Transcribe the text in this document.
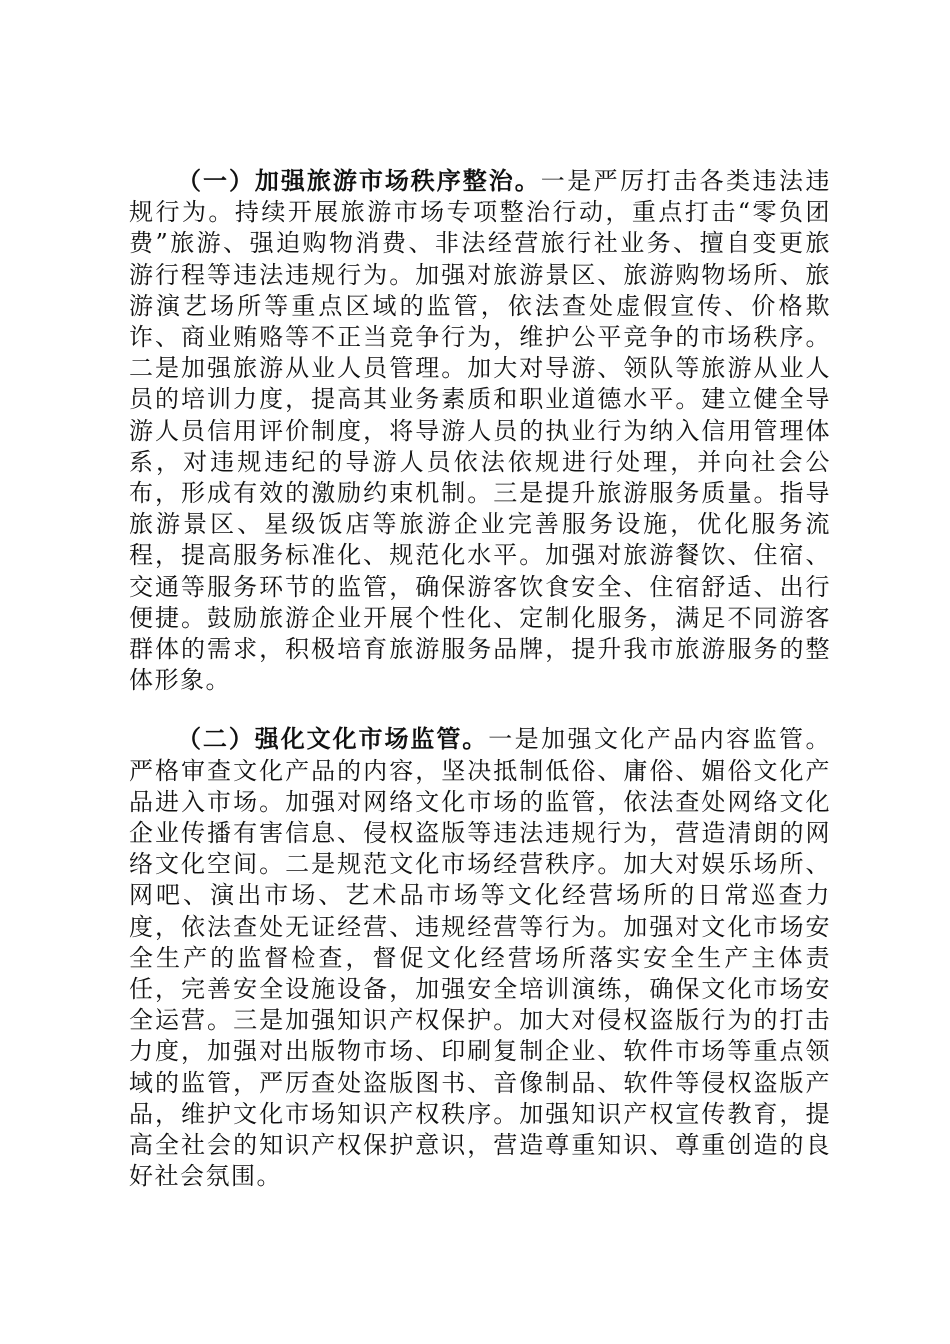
（一）加强旅游市场秩序整治。一是严厉打击各类违法违规行为。持续开展旅游市场专项整治行动，重点打击“零负团费”旅游、强迫购物消费、非法经营旅行社业务、擅自变更旅游行程等违法违规行为。加强对旅游景区、旅游购物场所、旅游演艺场所等重点区域的监管，依法查处虚假宣传、价格欺诈、商业贿赂等不正当竞争行为，维护公平竞争的市场秩序。二是加强旅游从业人员管理。加大对导游、领队等旅游从业人员的培训力度，提高其业务素质和职业道德水平。建立健全导游人员信用评价制度，将导游人员的执业行为纳入信用管理体系，对违规违纪的导游人员依法依规进行处理，并向社会公布，形成有效的激励约束机制。三是提升旅游服务质量。指导旅游景区、星级饭店等旅游企业完善服务设施，优化服务流程，提高服务标准化、规范化水平。加强对旅游餐饮、住宿、交通等服务环节的监管，确保游客饮食安全、住宿舒适、出行便捷。鼓励旅游企业开展个性化、定制化服务，满足不同游客群体的需求，积极培育旅游服务品牌，提升我市旅游服务的整体形象。

（二）强化文化市场监管。一是加强文化产品内容监管。严格审查文化产品的内容，坚决抵制低俗、庸俗、媚俗文化产品进入市场。加强对网络文化市场的监管，依法查处网络文化企业传播有害信息、侵权盗版等违法违规行为，营造清朗的网络文化空间。二是规范文化市场经营秩序。加大对娱乐场所、网吧、演出市场、艺术品市场等文化经营场所的日常巡查力度，依法查处无证经营、违规经营等行为。加强对文化市场安全生产的监督检查，督促文化经营场所落实安全生产主体责任，完善安全设施设备，加强安全培训演练，确保文化市场安全运营。三是加强知识产权保护。加大对侵权盗版行为的打击力度，加强对出版物市场、印刷复制企业、软件市场等重点领域的监管，严厉查处盗版图书、音像制品、软件等侵权盗版产品，维护文化市场知识产权秩序。加强知识产权宣传教育，提高全社会的知识产权保护意识，营造尊重知识、尊重创造的良好社会氛围。
